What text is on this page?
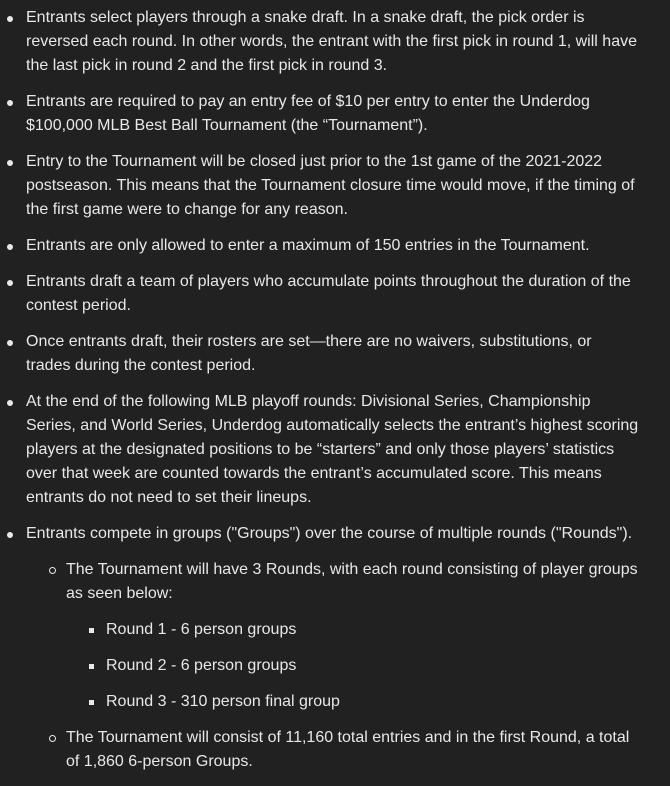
Entrants select players through a snake draft. In a snake draft, the pick order is reversed each round. In other words, the entrant with the first pick in round 1, will have the last pick in round 2 and the first pick in round 3.
Entrants are required to pay an entry fee of $10 per entry to enter the Underdog $100,000 MLB Best Ball Tournament (the “Tournament”).
Entry to the Tournament will be closed just prior to the 1st game of the 2021-2022 postseason. This means that the Tournament closure time would move, if the timing of the first game were to change for any reason.
Entrants are only allowed to enter a maximum of 150 entries in the Tournament.
Entrants draft a team of players who accumulate points throughout the duration of the contest period.
Once entrants draft, their rosters are set—there are no waivers, substitutions, or trades during the contest period.
At the end of the following MLB playoff rounds: Divisional Series, Championship Series, and World Series, Underdog automatically selects the entrant’s highest scoring players at the designated positions to be “starters” and only those players’ statistics over that week are counted towards the entrant’s accumulated score. This means entrants do not need to set their lineups.
Entrants compete in groups ("Groups") over the course of multiple rounds ("Rounds").
The Tournament will have 3 Rounds, with each round consisting of player groups as seen below:
Round 1 - 6 person groups
Round 2 - 6 person groups
Round 3 - 310 person final group
The Tournament will consist of 11,160 total entries and in the first Round, a total of 1,860 6-person Groups.
